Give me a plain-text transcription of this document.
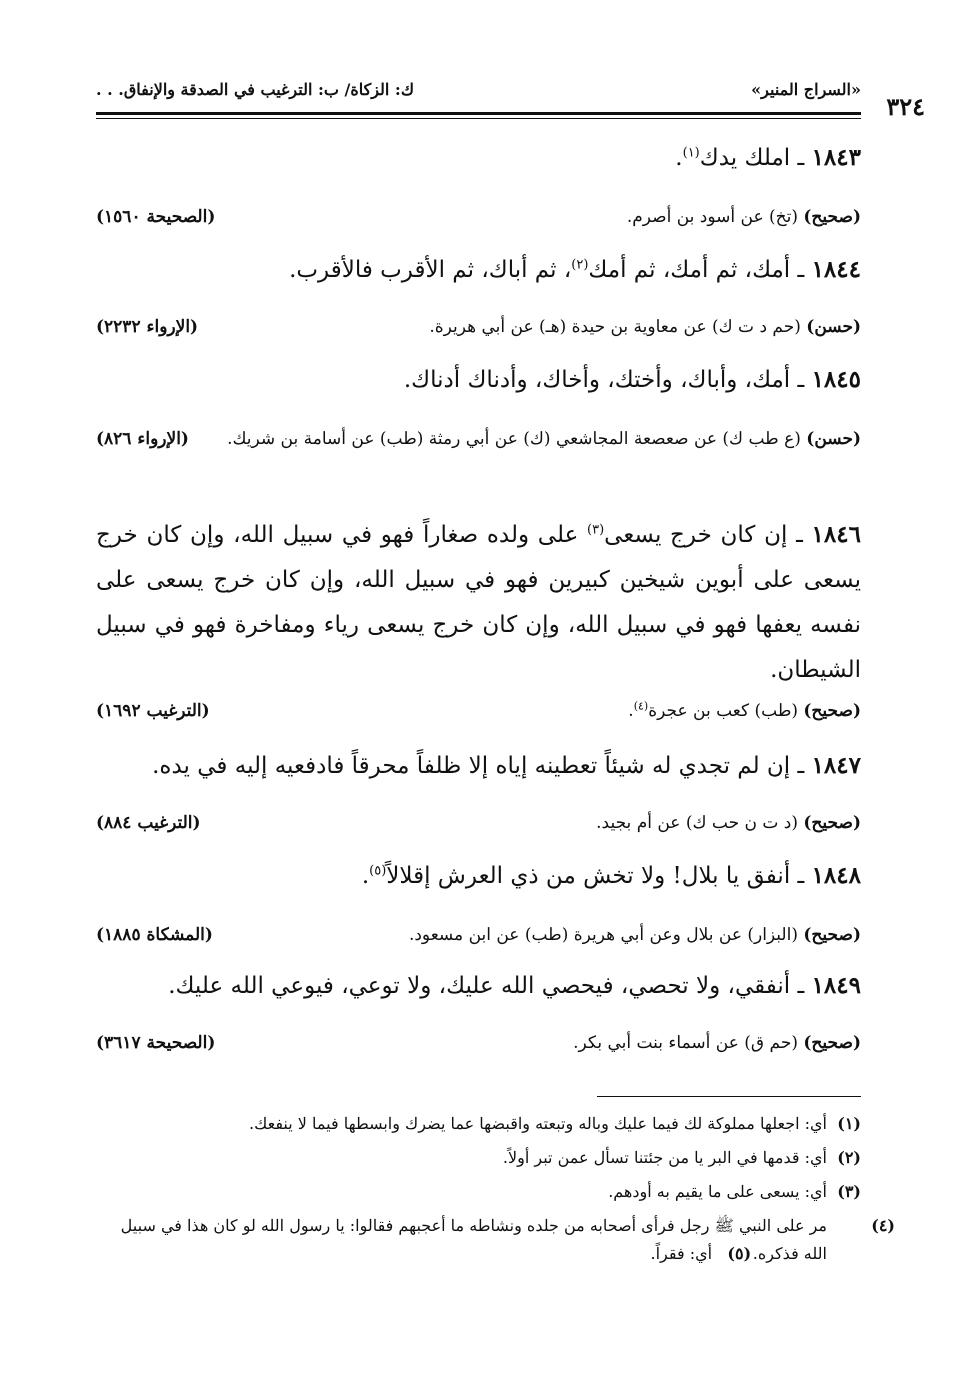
٣٢٤
«السراج المنير»
ك: الزكاة/ ب: الترغيب في الصدقة والإنفاق. . .
١٨٤٣ ـ املك يدك$^{(١)}$.
(صحيح) (تخ) عن أسود بن أصرم.
(الصحيحة ١٥٦٠)
١٨٤٤ ـ أمك، ثم أمك، ثم أمك$^{(٢)}$، ثم أباك، ثم الأقرب فالأقرب.
(حسن) (حم د ت ك) عن معاوية بن حيدة (هـ) عن أبي هريرة.
(الإرواء ٢٢٣٢)
١٨٤٥ ـ أمك، وأباك، وأختك، وأخاك، وأدناك أدناك.
(حسن) (ع طب ك) عن صعصعة المجاشعي (ك) عن أبي رمثة (طب) عن أسامة بن شريك.
(الإرواء ٨٢٦)
١٨٤٦ ـ إن كان خرج يسعى$^{(٣)}$ على ولده صغاراً فهو في سبيل الله، وإن كان خرج يسعى على أبوين شيخين كبيرين فهو في سبيل الله، وإن كان خرج يسعى على نفسه يعفها فهو في سبيل الله، وإن كان خرج يسعى رياء ومفاخرة فهو في سبيل الشيطان.
(صحيح) (طب) كعب بن عجرة$^{(٤)}$.
(الترغيب ١٦٩٢)
١٨٤٧ ـ إن لم تجدي له شيئاً تعطينه إياه إلا ظلفاً محرقاً فادفعيه إليه في يده.
(صحيح) (د ت ن حب ك) عن أم بجيد.
(الترغيب ٨٨٤)
١٨٤٨ ـ أنفق يا بلال! ولا تخش من ذي العرش إقلالاً$^{(٥)}$.
(صحيح) (البزار) عن بلال وعن أبي هريرة (طب) عن ابن مسعود.
(المشكاة ١٨٨٥)
١٨٤٩ ـ أنفقي، ولا تحصي، فيحصي الله عليك، ولا توعي، فيوعي الله عليك.
(صحيح) (حم ق) عن أسماء بنت أبي بكر.
(الصحيحة ٣٦١٧)
(١)أي: اجعلها مملوكة لك فيما عليك وباله وتبعته واقبضها عما يضرك وابسطها فيما لا ينفعك.
(٢)أي: قدمها في البر يا من جئتنا تسأل عمن تبر أولاً.
(٣)أي: يسعى على ما يقيم به أودهم.
(٤)مر على النبي ﷺ رجل فرأى أصحابه من جلده ونشاطه ما أعجبهم فقالوا: يا رسول الله لو كان هذا في سبيل الله فذكره.       (٥) أي: فقراً.
